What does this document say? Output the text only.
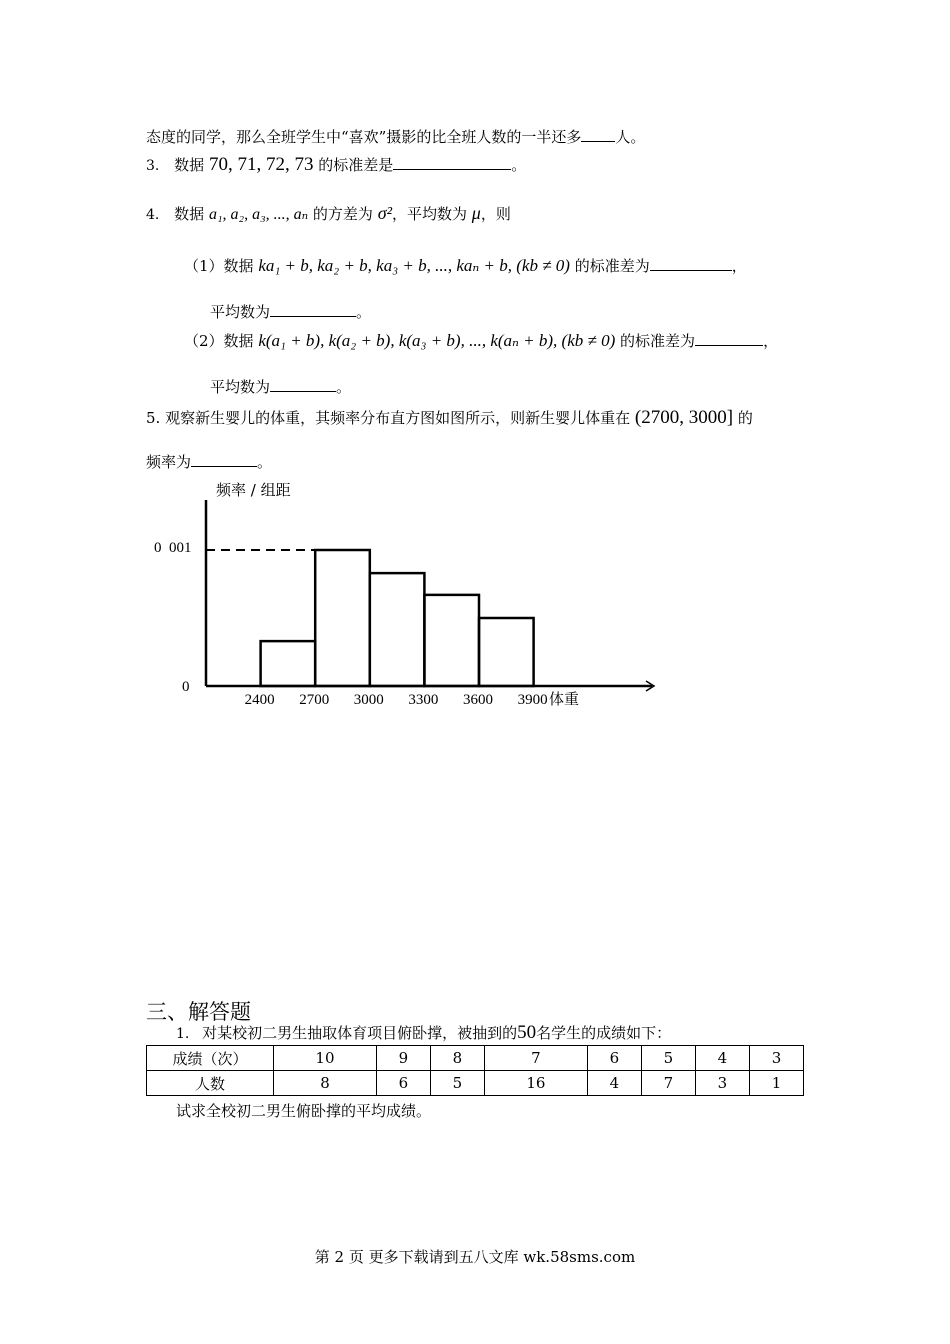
态度的同学，那么全班学生中“喜欢”摄影的比全班人数的一半还多 人。
3. 数据 70, 71, 72, 73 的标准差是	。
4. 数据 a₁, a₂, a₃, ..., aₙ 的方差为 σ²，平均数为 μ，则
（1）数据 ka₁ + b, ka₂ + b, ka₃ + b, ..., kaₙ + b, (kb ≠ 0) 的标准差为	，
平均数为	。
（2）数据 k(a₁ + b), k(a₂ + b), k(a₃ + b), ..., k(aₙ + b), (kb ≠ 0) 的标准差为	，
平均数为	。
5. 观察新生婴儿的体重，其频率分布直方图如图所示，则新生婴儿体重在 (2700, 3000] 的
频率为	。
频率 / 组距
体重
0  001
0
2400 2700 3000 3300 3600 3900
三、解答题
1. 对某校初二男生抽取体育项目俯卧撑，被抽到的50名学生的成绩如下：
成绩（次）	10	9	8	7	6	5	4	3
人数	8	6	5	16	4	7	3	1
试求全校初二男生俯卧撑的平均成绩。
第 2 页 更多下载请到五八文库 wk.58sms.com
